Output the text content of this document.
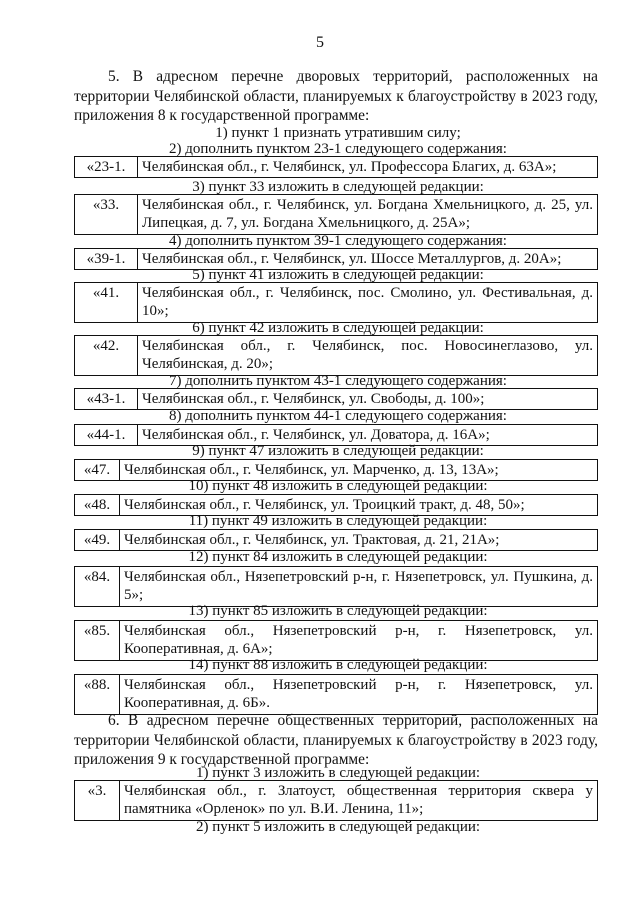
5
5. В адресном перечне дворовых территорий, расположенных на территории Челябинской области, планируемых к благоустройству в 2023 году, приложения 8 к государственной программе:
1) пункт 1 признать утратившим силу;
2) дополнить пунктом 23-1 следующего содержания:
«23-1.	Челябинская обл., г. Челябинск, ул. Профессора Благих, д. 63А»;
3) пункт 33 изложить в следующей редакции:
«33.	Челябинская обл., г. Челябинск, ул. Богдана Хмельницкого, д. 25, ул. Липецкая, д. 7, ул. Богдана Хмельницкого, д. 25А»;
4) дополнить пунктом 39-1 следующего содержания:
«39-1.	Челябинская обл., г. Челябинск, ул. Шоссе Металлургов, д. 20А»;
5) пункт 41 изложить в следующей редакции:
«41.	Челябинская обл., г. Челябинск, пос. Смолино, ул. Фестивальная, д. 10»;
6) пункт 42 изложить в следующей редакции:
«42.	Челябинская обл., г. Челябинск, пос. Новосинеглазово, ул. Челябинская, д. 20»;
7) дополнить пунктом 43-1 следующего содержания:
«43-1.	Челябинская обл., г. Челябинск, ул. Свободы, д. 100»;
8) дополнить пунктом 44-1 следующего содержания:
«44-1.	Челябинская обл., г. Челябинск, ул. Доватора, д. 16А»;
9) пункт 47 изложить в следующей редакции:
«47.	Челябинская обл., г. Челябинск, ул. Марченко, д. 13, 13А»;
10) пункт 48 изложить в следующей редакции:
«48.	Челябинская обл., г. Челябинск, ул. Троицкий тракт, д. 48, 50»;
11) пункт 49 изложить в следующей редакции:
«49.	Челябинская обл., г. Челябинск, ул. Трактовая, д. 21, 21А»;
12) пункт 84 изложить в следующей редакции:
«84.	Челябинская обл., Нязепетровский р-н, г. Нязепетровск, ул. Пушкина, д. 5»;
13) пункт 85 изложить в следующей редакции:
«85.	Челябинская обл., Нязепетровский р-н, г. Нязепетровск, ул. Кооперативная, д. 6А»;
14) пункт 88 изложить в следующей редакции:
«88.	Челябинская обл., Нязепетровский р-н, г. Нязепетровск, ул. Кооперативная, д. 6Б».
6. В адресном перечне общественных территорий, расположенных на территории Челябинской области, планируемых к благоустройству в 2023 году, приложения 9 к государственной программе:
1) пункт 3 изложить в следующей редакции:
«3.	Челябинская обл., г. Златоуст, общественная территория сквера у памятника «Орленок» по ул. В.И. Ленина, 11»;
2) пункт 5 изложить в следующей редакции:
